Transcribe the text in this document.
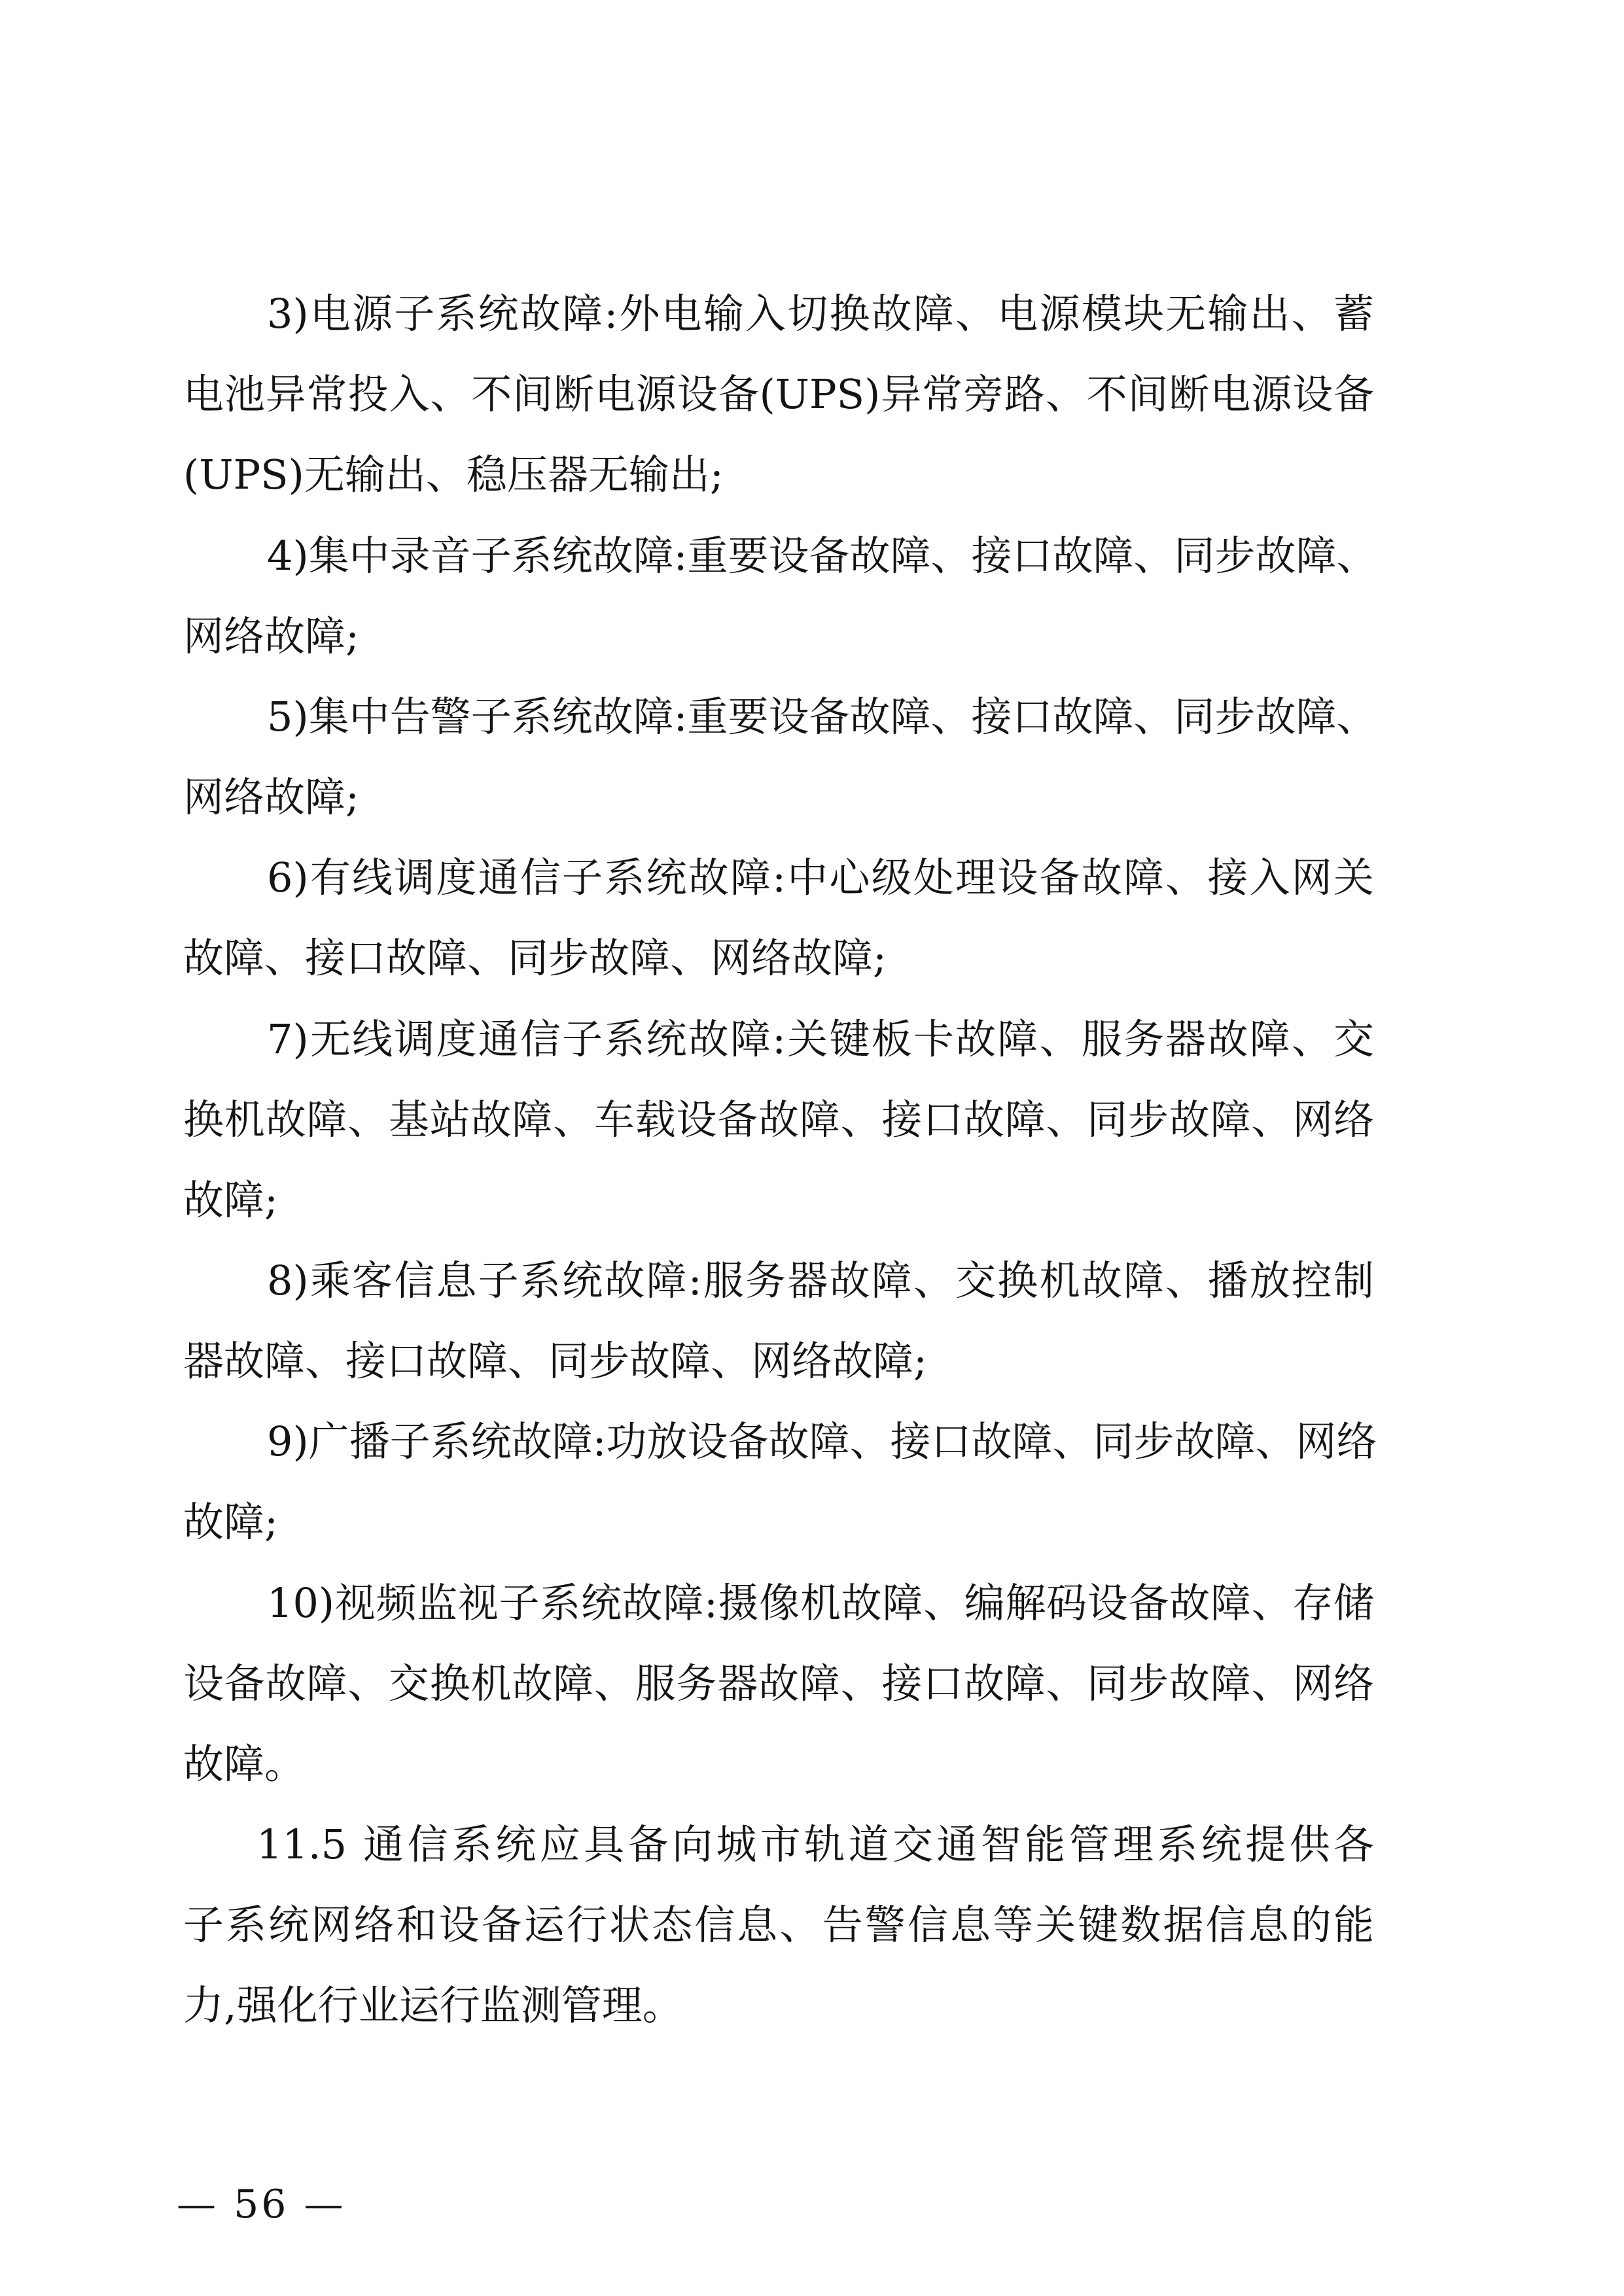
3)电源子系统故障:外电输入切换故障、电源模块无输出、蓄
电池异常投入、不间断电源设备(UPS)异常旁路、不间断电源设备
(UPS)无输出、稳压器无输出;
4)集中录音子系统故障:重要设备故障、接口故障、同步故障、
网络故障;
5)集中告警子系统故障:重要设备故障、接口故障、同步故障、
网络故障;
6)有线调度通信子系统故障:中心级处理设备故障、接入网关
故障、接口故障、同步故障、网络故障;
7)无线调度通信子系统故障:关键板卡故障、服务器故障、交
换机故障、基站故障、车载设备故障、接口故障、同步故障、网络
故障;
8)乘客信息子系统故障:服务器故障、交换机故障、播放控制
器故障、接口故障、同步故障、网络故障;
9)广播子系统故障:功放设备故障、接口故障、同步故障、网络
故障;
10)视频监视子系统故障:摄像机故障、编解码设备故障、存储
设备故障、交换机故障、服务器故障、接口故障、同步故障、网络
故障。
11.5 通信系统应具备向城市轨道交通智能管理系统提供各
子系统网络和设备运行状态信息、告警信息等关键数据信息的能
力,强化行业运行监测管理。
— 56 —
